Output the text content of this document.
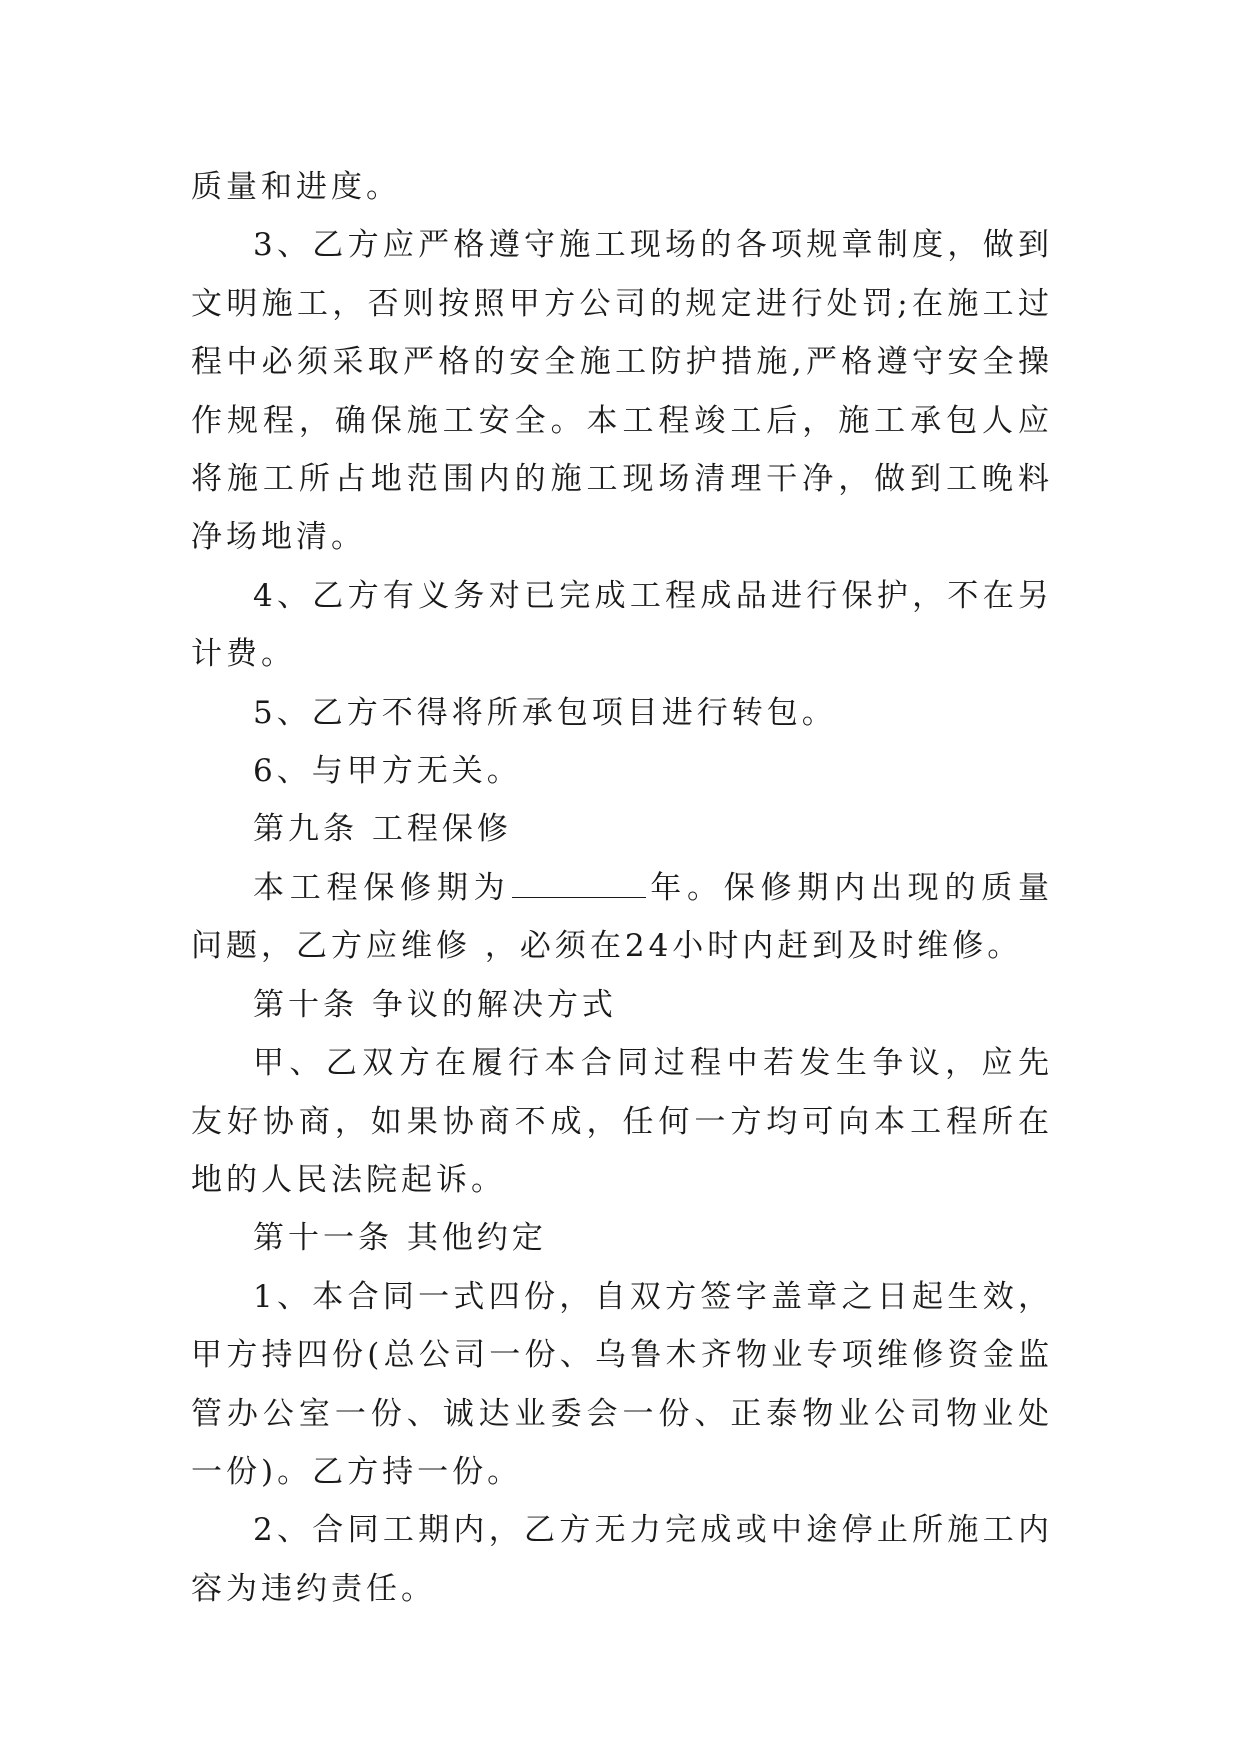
质量和进度。

3、乙方应严格遵守施工现场的各项规章制度，做到文明施工，否则按照甲方公司的规定进行处罚;在施工过程中必须采取严格的安全施工防护措施,严格遵守安全操作规程，确保施工安全。本工程竣工后，施工承包人应将施工所占地范围内的施工现场清理干净，做到工晚料净场地清。

4、乙方有义务对已完成工程成品进行保护，不在另计费。

5、乙方不得将所承包项目进行转包。

6、与甲方无关。

第九条 工程保修

本工程保修期为	年。保修期内出现的质量问题，乙方应维修 ，必须在24小时内赶到及时维修。

第十条 争议的解决方式

甲、乙双方在履行本合同过程中若发生争议，应先友好协商，如果协商不成，任何一方均可向本工程所在地的人民法院起诉。

第十一条 其他约定

1、本合同一式四份，自双方签字盖章之日起生效，甲方持四份(总公司一份、乌鲁木齐物业专项维修资金监管办公室一份、诚达业委会一份、正泰物业公司物业处一份)。乙方持一份。

2、合同工期内，乙方无力完成或中途停止所施工内容为违约责任。
